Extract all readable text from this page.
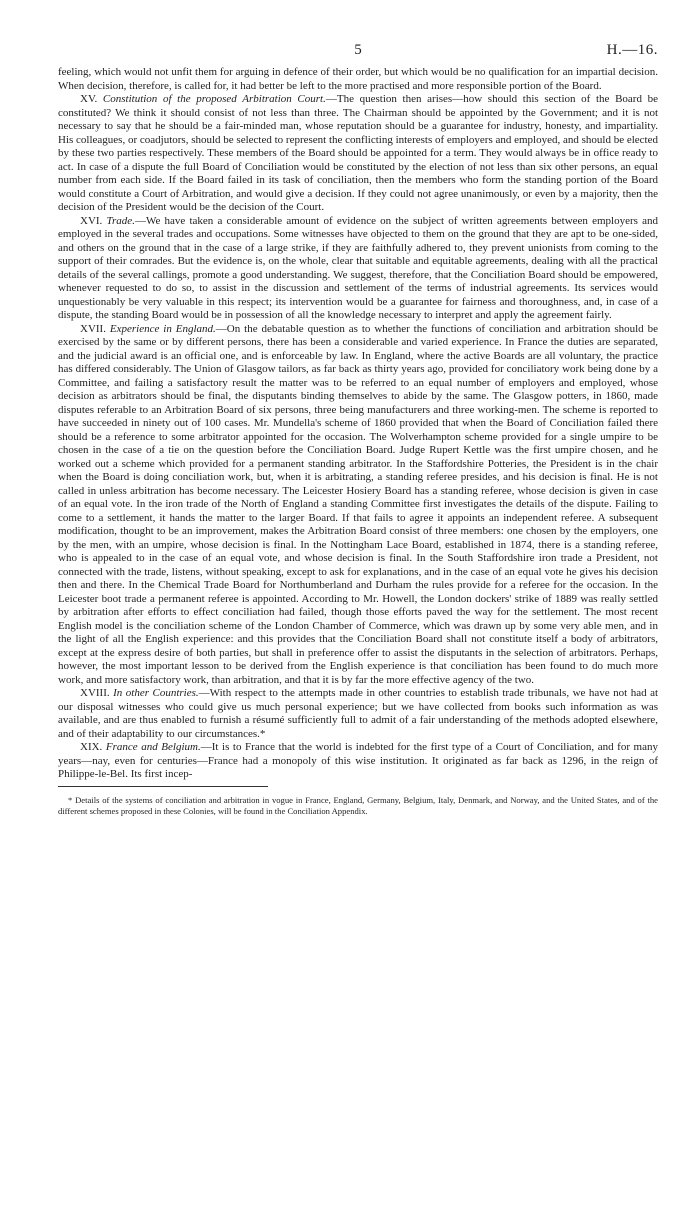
5	H.—16.

feeling, which would not unfit them for arguing in defence of their order, but which would be no qualification for an impartial decision. When decision, therefore, is called for, it had better be left to the more practised and more responsible portion of the Board.

XV. Constitution of the proposed Arbitration Court.—The question then arises—how should this section of the Board be constituted? We think it should consist of not less than three. The Chairman should be appointed by the Government; and it is not necessary to say that he should be a fair-minded man, whose reputation should be a guarantee for industry, honesty, and impartiality. His colleagues, or coadjutors, should be selected to represent the conflicting interests of employers and employed, and should be elected by these two parties respectively. These members of the Board should be appointed for a term. They would always be in office ready to act. In case of a dispute the full Board of Conciliation would be constituted by the election of not less than six other persons, an equal number from each side. If the Board failed in its task of conciliation, then the members who form the standing portion of the Board would constitute a Court of Arbitration, and would give a decision. If they could not agree unanimously, or even by a majority, then the decision of the President would be the decision of the Court.

XVI. Trade.—We have taken a considerable amount of evidence on the subject of written agreements between employers and employed in the several trades and occupations. Some witnesses have objected to them on the ground that they are apt to be one-sided, and others on the ground that in the case of a large strike, if they are faithfully adhered to, they prevent unionists from coming to the support of their comrades. But the evidence is, on the whole, clear that suitable and equitable agreements, dealing with all the practical details of the several callings, promote a good understanding. We suggest, therefore, that the Conciliation Board should be empowered, whenever requested to do so, to assist in the discussion and settlement of the terms of industrial agreements. Its services would unquestionably be very valuable in this respect; its intervention would be a guarantee for fairness and thoroughness, and, in case of a dispute, the standing Board would be in possession of all the knowledge necessary to interpret and apply the agreement fairly.

XVII. Experience in England.—On the debatable question as to whether the functions of conciliation and arbitration should be exercised by the same or by different persons, there has been a considerable and varied experience. In France the duties are separated, and the judicial award is an official one, and is enforceable by law. In England, where the active Boards are all voluntary, the practice has differed considerably. The Union of Glasgow tailors, as far back as thirty years ago, provided for conciliatory work being done by a Committee, and failing a satisfactory result the matter was to be referred to an equal number of employers and employed, whose decision as arbitrators should be final, the disputants binding themselves to abide by the same. The Glasgow potters, in 1860, made disputes referable to an Arbitration Board of six persons, three being manufacturers and three working-men. The scheme is reported to have succeeded in ninety out of 100 cases. Mr. Mundella's scheme of 1860 provided that when the Board of Conciliation failed there should be a reference to some arbitrator appointed for the occasion. The Wolverhampton scheme provided for a single umpire to be chosen in the case of a tie on the question before the Conciliation Board. Judge Rupert Kettle was the first umpire chosen, and he worked out a scheme which provided for a permanent standing arbitrator. In the Staffordshire Potteries, the President is in the chair when the Board is doing conciliation work, but, when it is arbitrating, a standing referee presides, and his decision is final. He is not called in unless arbitration has become necessary. The Leicester Hosiery Board has a standing referee, whose decision is given in case of an equal vote. In the iron trade of the North of England a standing Committee first investigates the details of the dispute. Failing to come to a settlement, it hands the matter to the larger Board. If that fails to agree it appoints an independent referee. A subsequent modification, thought to be an improvement, makes the Arbitration Board consist of three members: one chosen by the employers, one by the men, with an umpire, whose decision is final. In the Nottingham Lace Board, established in 1874, there is a standing referee, who is appealed to in the case of an equal vote, and whose decision is final. In the South Staffordshire iron trade a President, not connected with the trade, listens, without speaking, except to ask for explanations, and in the case of an equal vote he gives his decision then and there. In the Chemical Trade Board for Northumberland and Durham the rules provide for a referee for the occasion. In the Leicester boot trade a permanent referee is appointed. According to Mr. Howell, the London dockers' strike of 1889 was really settled by arbitration after efforts to effect conciliation had failed, though those efforts paved the way for the settlement. The most recent English model is the conciliation scheme of the London Chamber of Commerce, which was drawn up by some very able men, and in the light of all the English experience: and this provides that the Conciliation Board shall not constitute itself a body of arbitrators, except at the express desire of both parties, but shall in preference offer to assist the disputants in the selection of arbitrators. Perhaps, however, the most important lesson to be derived from the English experience is that conciliation has been found to do much more work, and more satisfactory work, than arbitration, and that it is by far the more effective agency of the two.

XVIII. In other Countries.—With respect to the attempts made in other countries to establish trade tribunals, we have not had at our disposal witnesses who could give us much personal experience; but we have collected from books such information as was available, and are thus enabled to furnish a résumé sufficiently full to admit of a fair understanding of the methods adopted elsewhere, and of their adaptability to our circumstances.*

XIX. France and Belgium.—It is to France that the world is indebted for the first type of a Court of Conciliation, and for many years—nay, even for centuries—France had a monopoly of this wise institution. It originated as far back as 1296, in the reign of Philippe-le-Bel. Its first incep-

* Details of the systems of conciliation and arbitration in vogue in France, England, Germany, Belgium, Italy, Denmark, and Norway, and the United States, and of the different schemes proposed in these Colonies, will be found in the Conciliation Appendix.
